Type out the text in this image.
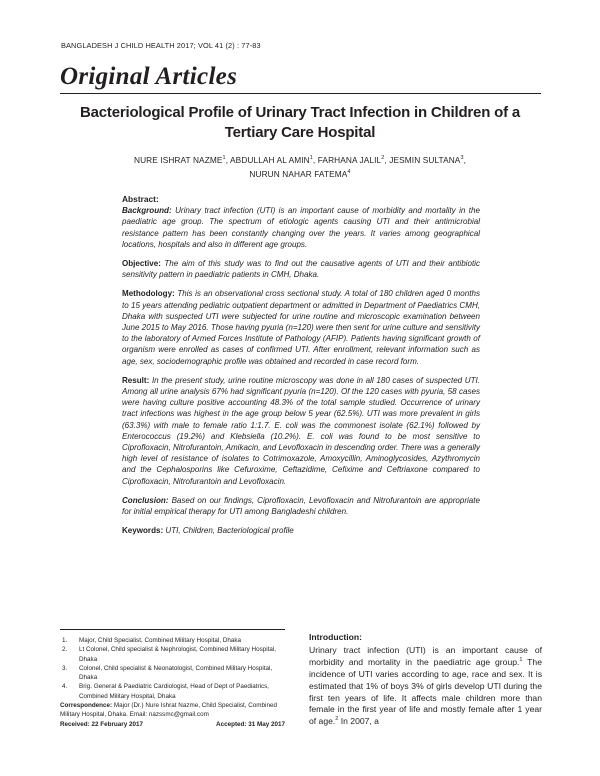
BANGLADESH J CHILD HEALTH 2017; VOL 41 (2) : 77-83
Original Articles
Bacteriological Profile of Urinary Tract Infection in Children of a Tertiary Care Hospital
NURE ISHRAT NAZME$^1$, ABDULLAH AL AMIN$^1$, FARHANA JALIL$^2$, JESMIN SULTANA$^3$,
NURUN NAHAR FATEMA$^4$

Abstract:

Background: Urinary tract infection (UTI) is an important cause of morbidity and mortality in the paediatric age group. The spectrum of etiologic agents causing UTI and their antimicrobial resistance pattern has been constantly changing over the years. It varies among geographical locations, hospitals and also in different age groups.

Objective: The aim of this study was to find out the causative agents of UTI and their antibiotic sensitivity pattern in paediatric patients in CMH, Dhaka.

Methodology: This is an observational cross sectional study. A total of 180 children aged 0 months to 15 years attending pediatric outpatient department or admitted in Department of Paediatrics CMH, Dhaka with suspected UTI were subjected for urine routine and microscopic examination between June 2015 to May 2016. Those having pyuria (n=120) were then sent for urine culture and sensitivity to the laboratory of Armed Forces Institute of Pathology (AFIP). Patients having significant growth of organism were enrolled as cases of confirmed UTI. After enrollment, relevant information such as age, sex, sociodemographic profile was obtained and recorded in case record form.

Result: In the present study, urine routine microscopy was done in all 180 cases of suspected UTI. Among all urine analysis 67% had significant pyuria (n=120). Of the 120 cases with pyuria, 58 cases were having culture positive accounting 48.3% of the total sample studied. Occurrence of urinary tract infections was highest in the age group below 5 year (62.5%). UTI was more prevalent in girls (63.3%) with male to female ratio 1:1.7. E. coli was the commonest isolate (62.1%) followed by Enterococcus (19.2%) and Klebsiella (10.2%). E. coli was found to be most sensitive to Ciprofloxacin, Nitrofurantoin, Amikacin, and Levofloxacin in descending order. There was a generally high level of resistance of isolates to Cotrimoxazole, Amoxycillin, Aminoglycosides, Azythromycin and the Cephalosporins like Cefuroxime, Ceftazidime, Cefixime and Ceftriaxone compared to Ciprofloxacin, Nitrofurantoin and Levofloxacin.

Conclusion: Based on our findings, Ciprofloxacin, Levofloxacin and Nitrofurantoin are appropriate for initial empirical therapy for UTI among Bangladeshi children.

Keywords: UTI, Children, Bacteriological profile

1.	Major, Child Specialist, Combined Military Hospital, Dhaka
2.	Lt Colonel, Child specialist & Nephrologist, Combined Military Hospital, Dhaka
3.	Colonel, Child specialist & Neonatologist, Combined Military Hospital, Dhaka
4.	Brig. General & Paediatric Cardiologist, Head of Dept of Paediatrics, Combined Military Hospital, Dhaka
Correspondence: Major (Dr.) Nure Ishrat Nazme, Child Specialist, Combined Military Hospital, Dhaka. Email: nazssmc@gmail.com
Received: 22 February 2017	Accepted: 31 May 2017
Introduction:
Urinary tract infection (UTI) is an important cause of morbidity and mortality in the paediatric age group.$^1$ The incidence of UTI varies according to age, race and sex. It is estimated that 1% of boys 3% of girls develop UTI during the first ten years of life. It affects male children more than female in the first year of life and mostly female after 1 year of age.$^2$ In 2007, a
